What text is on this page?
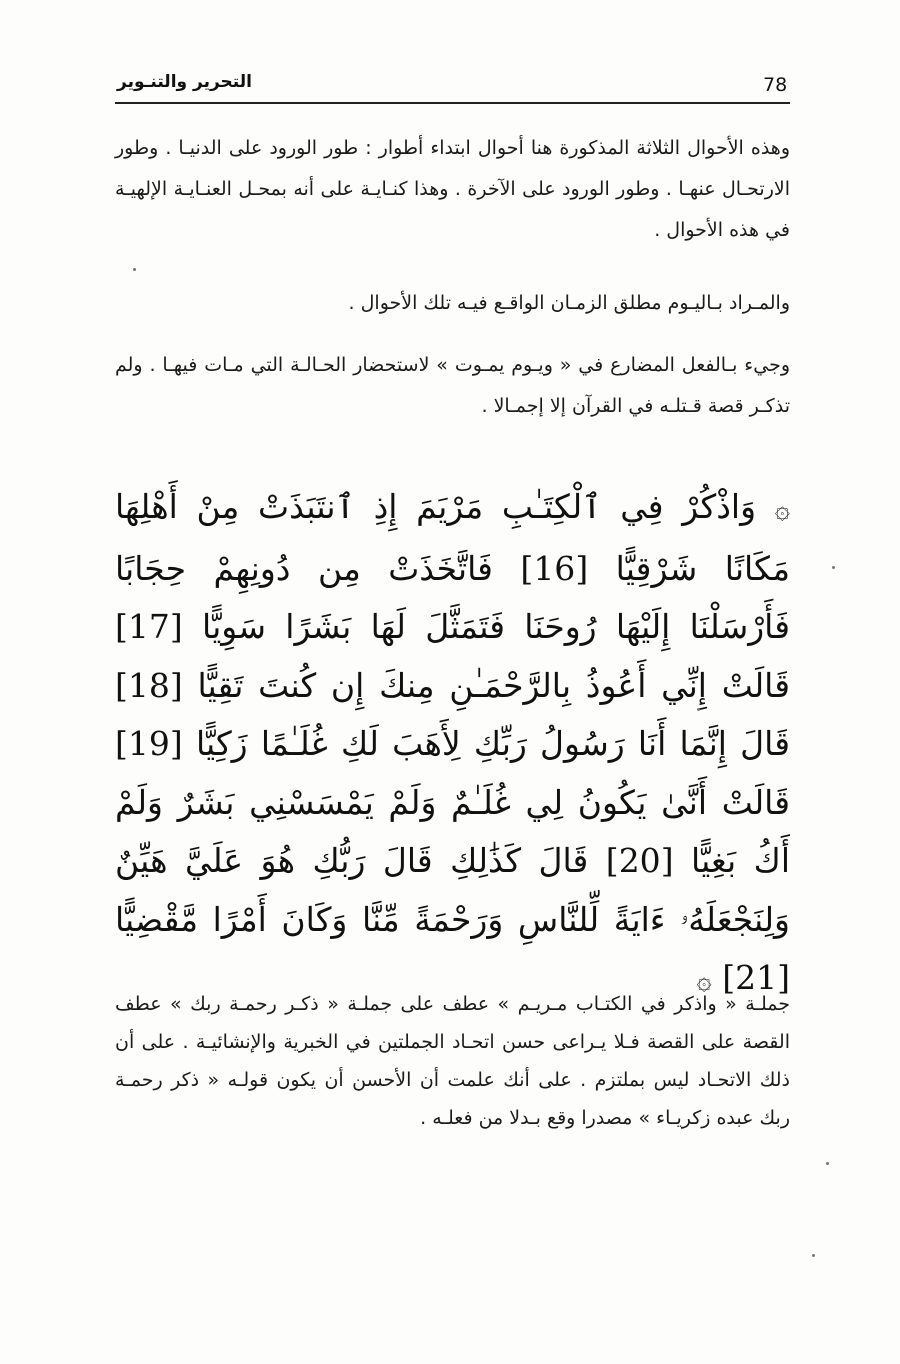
78
التحرير والتنـوير

وهذه الأحوال الثلاثة المذكورة هنا أحوال ابتداء أطوار : طور الورود على الدنيـا . وطور الارتحـال عنهـا . وطور الورود على الآخرة . وهذا كنـايـة على أنه بمحـل العنـايـة الإلهيـة في هذه الأحوال .

والمـراد بـاليـوم مطلق الزمـان الواقـع فيـه تلك الأحوال .

وجيء بـالفعل المضارع في « ويـوم يمـوت » لاستحضار الحـالـة التي مـات فيهـا . ولم تذكـر قصة قـتلـه في القرآن إلا إجمـالا .

۞ وَاذْكُرْ فِي ٱلْكِتَـٰبِ مَرْيَمَ إِذِ ٱنتَبَذَتْ مِنْ أَهْلِهَا مَكَانًا شَرْقِيًّا [16] فَاتَّخَذَتْ مِن دُونِهِمْ حِجَابًا فَأَرْسَلْنَا إِلَيْهَا رُوحَنَا فَتَمَثَّلَ لَهَا بَشَرًا سَوِيًّا [17] قَالَتْ إِنِّي أَعُوذُ بِالرَّحْمَـٰنِ مِنكَ إِن كُنتَ تَقِيًّا [18] قَالَ إِنَّمَا أَنَا رَسُولُ رَبِّكِ لِأَهَبَ لَكِ غُلَـٰمًا زَكِيًّا [19] قَالَتْ أَنَّىٰ يَكُونُ لِي غُلَـٰمٌ وَلَمْ يَمْسَسْنِي بَشَرٌ وَلَمْ أَكُ بَغِيًّا [20] قَالَ كَذَٰلِكِ قَالَ رَبُّكِ هُوَ عَلَيَّ هَيِّنٌ وَلِنَجْعَلَهُۥ ءَايَةً لِّلنَّاسِ وَرَحْمَةً مِّنَّا وَكَانَ أَمْرًا مَّقْضِيًّا [21] ۞

جملـة « واذكر في الكتـاب مـريـم » عطف على جملـة « ذكـر رحمـة ربك » عطف القصة على القصة فـلا يـراعى حسن اتحـاد الجملتين في الخبرية والإنشائيـة . على أن ذلك الاتحـاد ليس بملتزم . على أنك علمت أن الأحسن أن يكون قولـه « ذكر رحمـة ربك عبده زكريـاء » مصدرا وقع بـدلا من فعلـه .
